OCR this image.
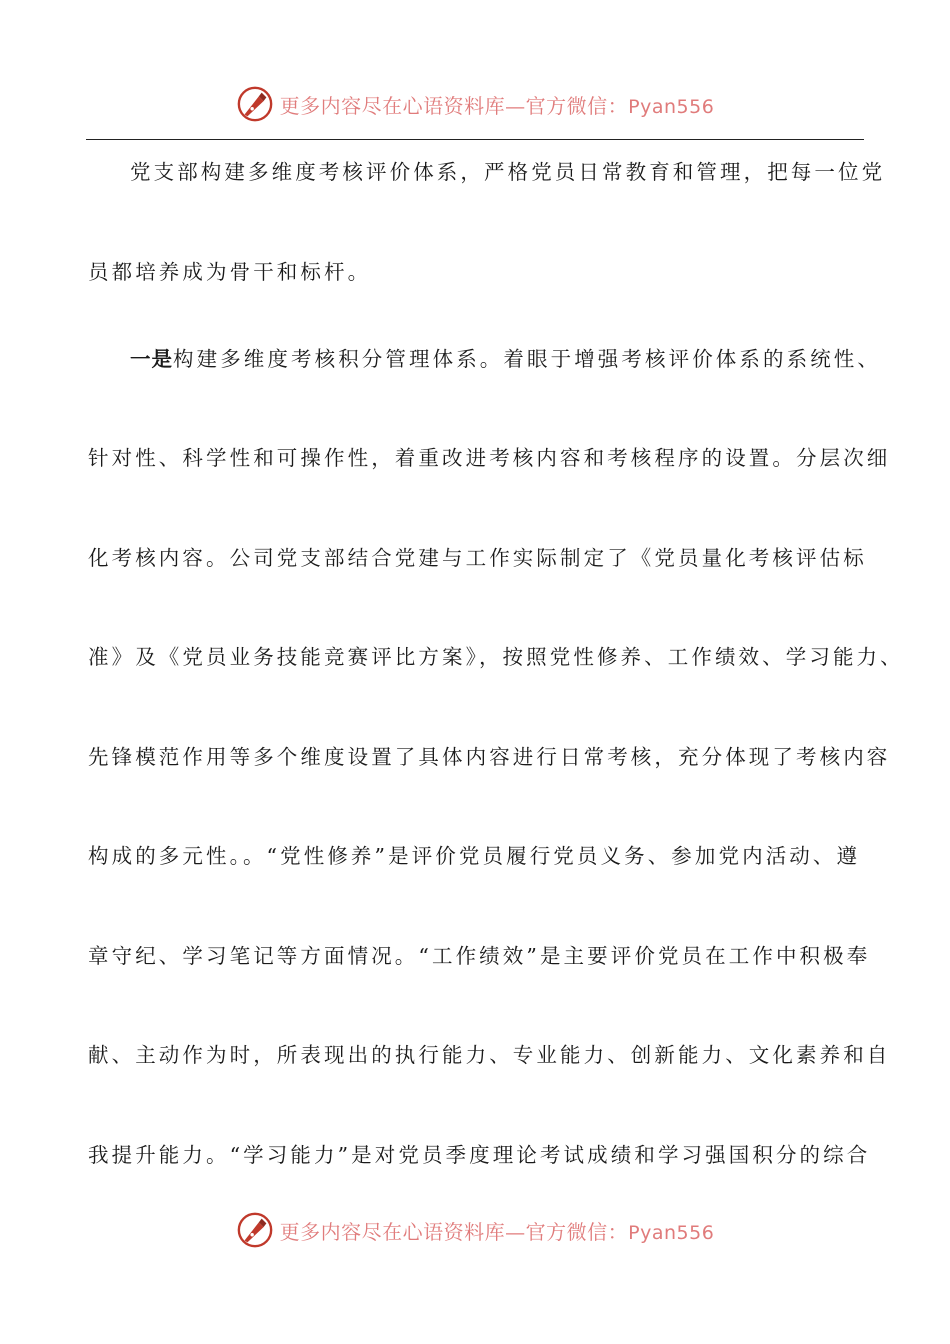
更多内容尽在心语资料库—官方微信：Pyan556
党支部构建多维度考核评价体系，严格党员日常教育和管理，把每一位党
员都培养成为骨干和标杆。
一是构建多维度考核积分管理体系。着眼于增强考核评价体系的系统性、
针对性、科学性和可操作性，着重改进考核内容和考核程序的设置。分层次细
化考核内容。公司党支部结合党建与工作实际制定了《党员量化考核评估标
准》及《党员业务技能竞赛评比方案》，按照党性修养、工作绩效、学习能力、
先锋模范作用等多个维度设置了具体内容进行日常考核，充分体现了考核内容
构成的多元性。。“党性修养”是评价党员履行党员义务、参加党内活动、遵
章守纪、学习笔记等方面情况。“工作绩效”是主要评价党员在工作中积极奉
献、主动作为时，所表现出的执行能力、专业能力、创新能力、文化素养和自
我提升能力。“学习能力”是对党员季度理论考试成绩和学习强国积分的综合
更多内容尽在心语资料库—官方微信：Pyan556
